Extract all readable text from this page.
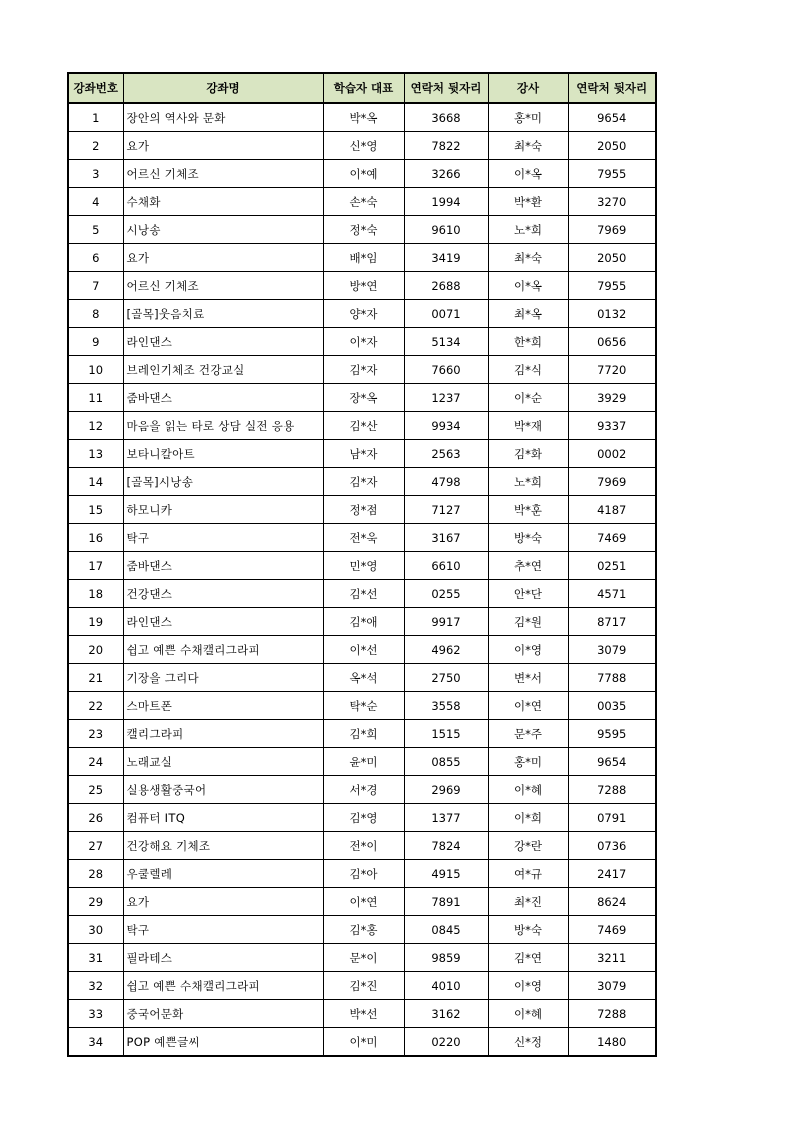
강좌번호	강좌명	학습자 대표	연락처 뒷자리	강사	연락처 뒷자리
1	장안의 역사와 문화	박*옥	3668	홍*미	9654
2	요가	신*영	7822	최*숙	2050
3	어르신 기체조	이*예	3266	이*옥	7955
4	수채화	손*숙	1994	박*환	3270
5	시낭송	정*숙	9610	노*희	7969
6	요가	배*임	3419	최*숙	2050
7	어르신 기체조	방*연	2688	이*옥	7955
8	[골목]웃음치료	양*자	0071	최*옥	0132
9	라인댄스	이*자	5134	한*희	0656
10	브레인기체조 건강교실	김*자	7660	김*식	7720
11	줌바댄스	장*옥	1237	이*순	3929
12	마음을 읽는 타로 상담 실전 응용	김*산	9934	박*재	9337
13	보타니칼아트	남*자	2563	김*화	0002
14	[골목]시낭송	김*자	4798	노*희	7969
15	하모니카	정*점	7127	박*훈	4187
16	탁구	전*욱	3167	방*숙	7469
17	줌바댄스	민*영	6610	추*연	0251
18	건강댄스	김*선	0255	안*단	4571
19	라인댄스	김*애	9917	김*원	8717
20	쉽고 예쁜 수채캘리그라피	이*선	4962	이*영	3079
21	기장을 그리다	옥*석	2750	변*서	7788
22	스마트폰	탁*순	3558	이*연	0035
23	캘리그라피	김*희	1515	문*주	9595
24	노래교실	윤*미	0855	홍*미	9654
25	실용생활중국어	서*경	2969	이*혜	7288
26	컴퓨터 ITQ	김*영	1377	이*희	0791
27	건강해요 기체조	전*이	7824	강*란	0736
28	우쿨렐레	김*아	4915	여*규	2417
29	요가	이*연	7891	최*진	8624
30	탁구	김*홍	0845	방*숙	7469
31	필라테스	문*이	9859	김*연	3211
32	쉽고 예쁜 수채캘리그라피	김*진	4010	이*영	3079
33	중국어문화	박*선	3162	이*혜	7288
34	POP 예쁜글씨	이*미	0220	신*정	1480
